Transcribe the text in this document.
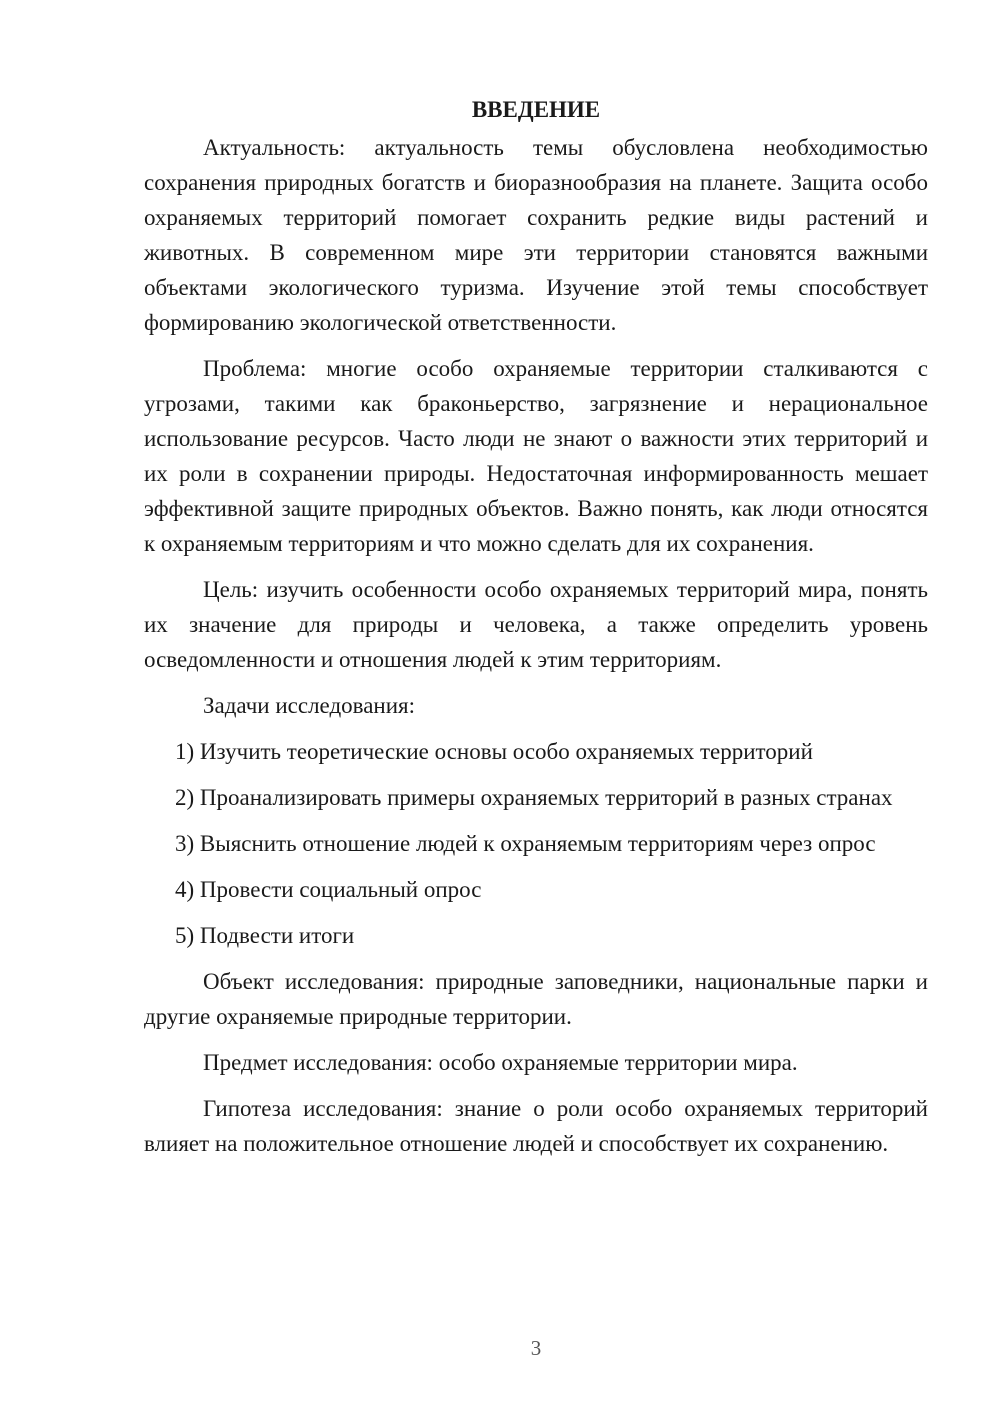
ВВЕДЕНИЕ

Актуальность: актуальность темы обусловлена необходимостью сохранения природных богатств и биоразнообразия на планете. Защита особо охраняемых территорий помогает сохранить редкие виды растений и животных. В современном мире эти территории становятся важными объектами экологического туризма. Изучение этой темы способствует формированию экологической ответственности.

Проблема: многие особо охраняемые территории сталкиваются с угрозами, такими как браконьерство, загрязнение и нерациональное использование ресурсов. Часто люди не знают о важности этих территорий и их роли в сохранении природы. Недостаточная информированность мешает эффективной защите природных объектов. Важно понять, как люди относятся к охраняемым территориям и что можно сделать для их сохранения.

Цель: изучить особенности особо охраняемых территорий мира, понять их значение для природы и человека, а также определить уровень осведомленности и отношения людей к этим территориям.

Задачи исследования:

1) Изучить теоретические основы особо охраняемых территорий

2) Проанализировать примеры охраняемых территорий в разных странах

3) Выяснить отношение людей к охраняемым территориям через опрос

4) Провести социальный опрос

5) Подвести итоги

Объект исследования: природные заповедники, национальные парки и другие охраняемые природные территории.

Предмет исследования: особо охраняемые территории мира.

Гипотеза исследования: знание о роли особо охраняемых территорий влияет на положительное отношение людей и способствует их сохранению.

3
